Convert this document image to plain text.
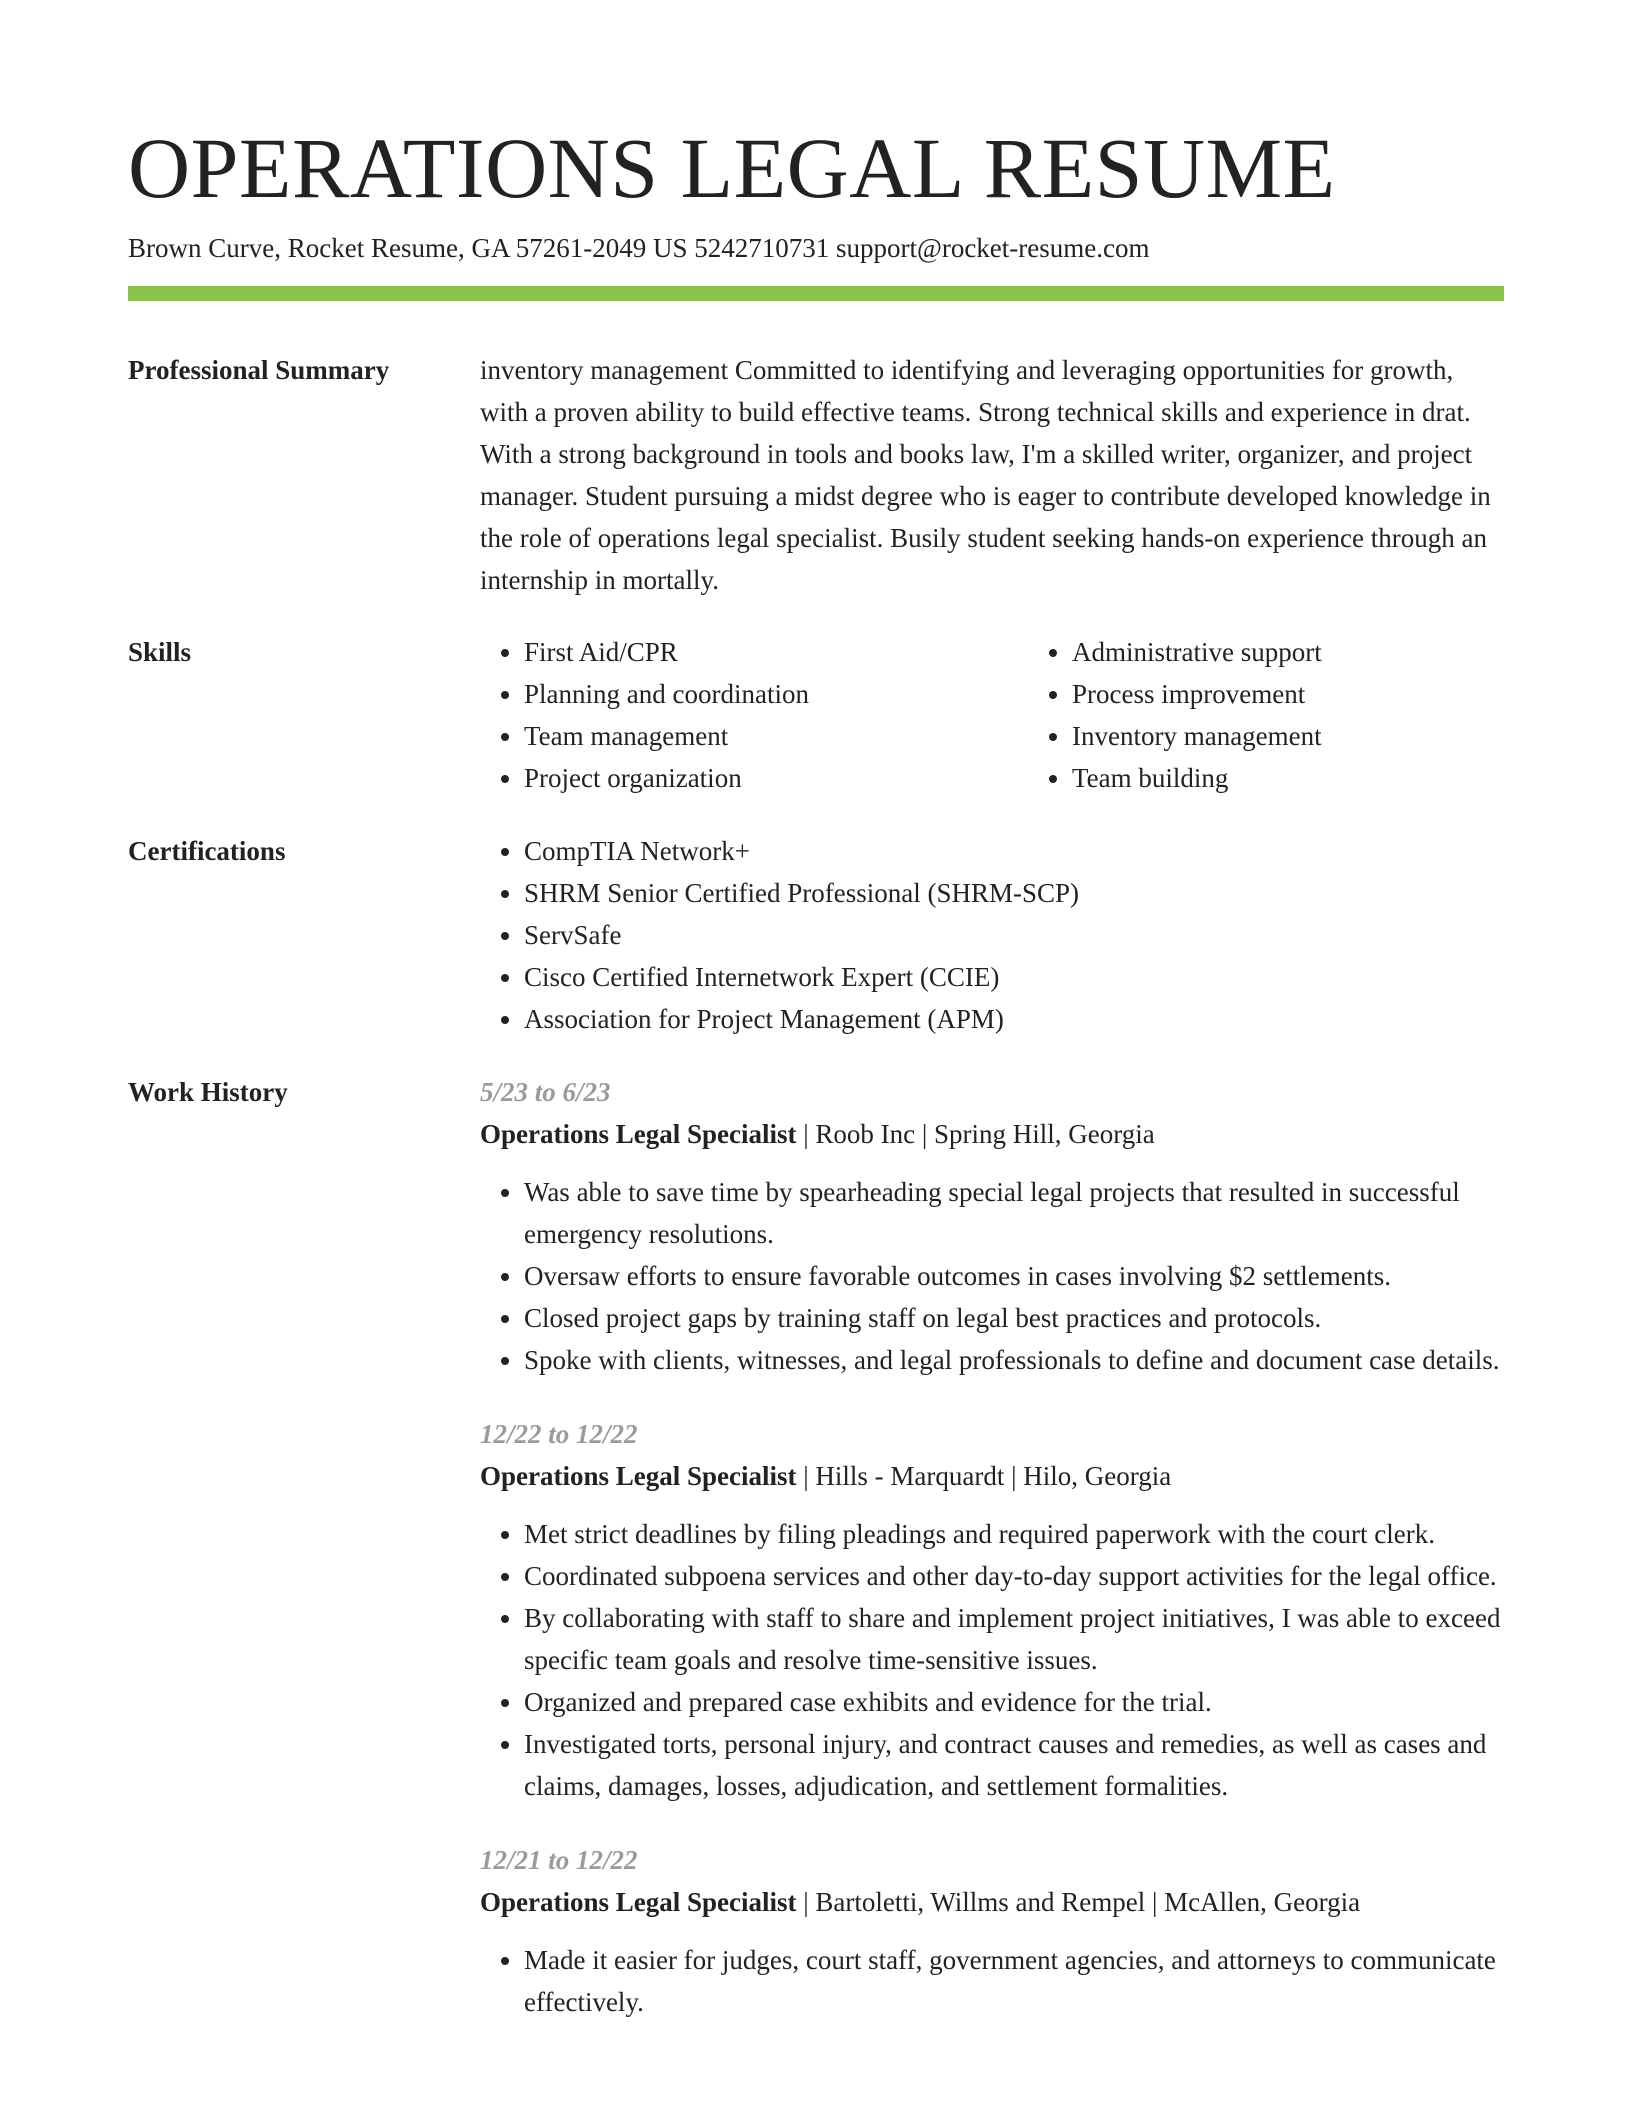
OPERATIONS LEGAL RESUME
Brown Curve, Rocket Resume, GA 57261-2049 US 5242710731 support@rocket-resume.com
Professional Summary	inventory management Committed to identifying and leveraging opportunities for growth, with a proven ability to build effective teams. Strong technical skills and experience in drat. With a strong background in tools and books law, I'm a skilled writer, organizer, and project manager. Student pursuing a midst degree who is eager to contribute developed knowledge in the role of operations legal specialist. Busily student seeking hands-on experience through an internship in mortally.

Skills	• First Aid/CPR
• Planning and coordination
• Team management
• Project organization
• Administrative support
• Process improvement
• Inventory management
• Team building
Certifications	• CompTIA Network+
• SHRM Senior Certified Professional (SHRM-SCP)
• ServSafe
• Cisco Certified Internetwork Expert (CCIE)
• Association for Project Management (APM)
Work History	5/23 to 6/23
Operations Legal Specialist | Roob Inc | Spring Hill, Georgia
• Was able to save time by spearheading special legal projects that resulted in successful emergency resolutions.
• Oversaw efforts to ensure favorable outcomes in cases involving $2 settlements.
• Closed project gaps by training staff on legal best practices and protocols.
• Spoke with clients, witnesses, and legal professionals to define and document case details.
12/22 to 12/22
Operations Legal Specialist | Hills - Marquardt | Hilo, Georgia
• Met strict deadlines by filing pleadings and required paperwork with the court clerk.
• Coordinated subpoena services and other day-to-day support activities for the legal office.
• By collaborating with staff to share and implement project initiatives, I was able to exceed specific team goals and resolve time-sensitive issues.
• Organized and prepared case exhibits and evidence for the trial.
• Investigated torts, personal injury, and contract causes and remedies, as well as cases and claims, damages, losses, adjudication, and settlement formalities.
12/21 to 12/22
Operations Legal Specialist | Bartoletti, Willms and Rempel | McAllen, Georgia
• Made it easier for judges, court staff, government agencies, and attorneys to communicate effectively.
